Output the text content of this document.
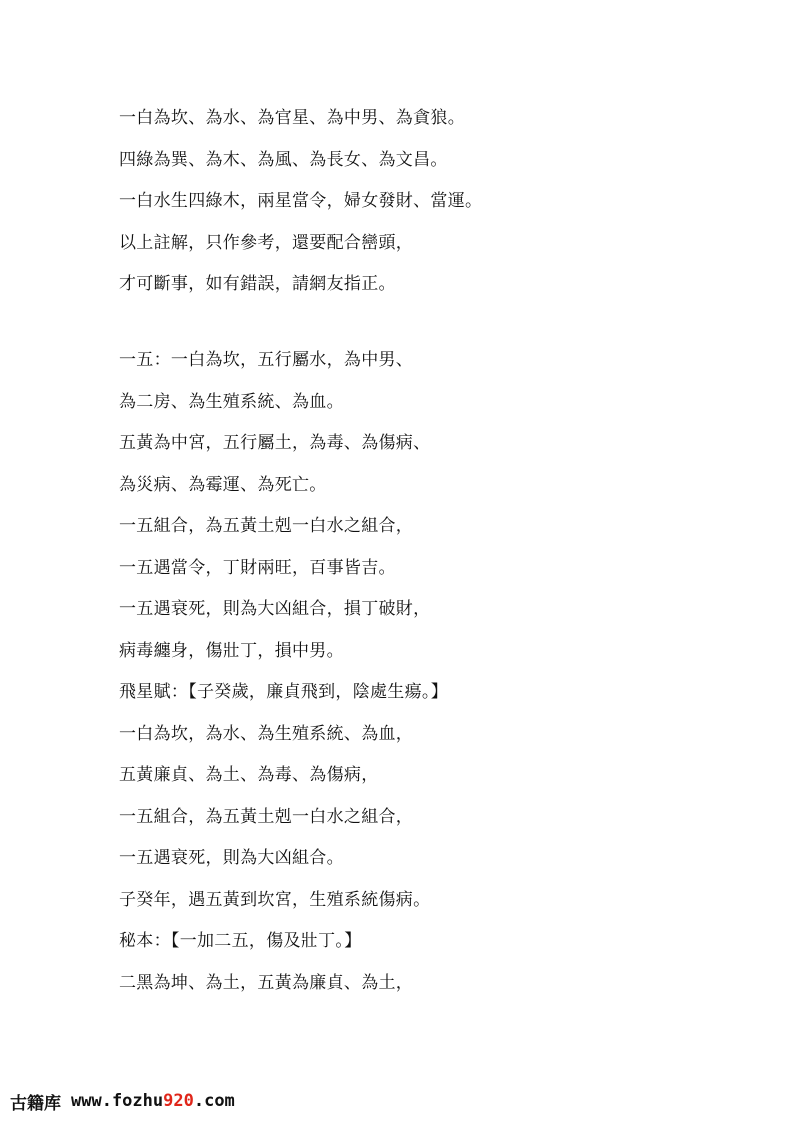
一白為坎、為水、為官星、為中男、為貪狼。
四綠為巽、為木、為風、為長女、為文昌。
一白水生四綠木，兩星當令，婦女發財、當運。
以上註解，只作參考，還要配合巒頭，
才可斷事，如有錯誤，請網友指正。
一五：一白為坎，五行屬水，為中男、
為二房、為生殖系統、為血。
五黃為中宮，五行屬土，為毒、為傷病、
為災病、為霉運、為死亡。
一五組合，為五黃土剋一白水之組合，
一五遇當令，丁財兩旺，百事皆吉。
一五遇衰死，則為大凶組合，損丁破財，
病毒纏身，傷壯丁，損中男。
飛星賦：【子癸歲，廉貞飛到，陰處生瘍。】
一白為坎，為水、為生殖系統、為血，
五黃廉貞、為土、為毒、為傷病，
一五組合，為五黃土剋一白水之組合，
一五遇衰死，則為大凶組合。
子癸年，遇五黃到坎宮，生殖系統傷病。
秘本：【一加二五，傷及壯丁。】
二黑為坤、為土，五黃為廉貞、為土，
古籍库 www.fozhu920.com
